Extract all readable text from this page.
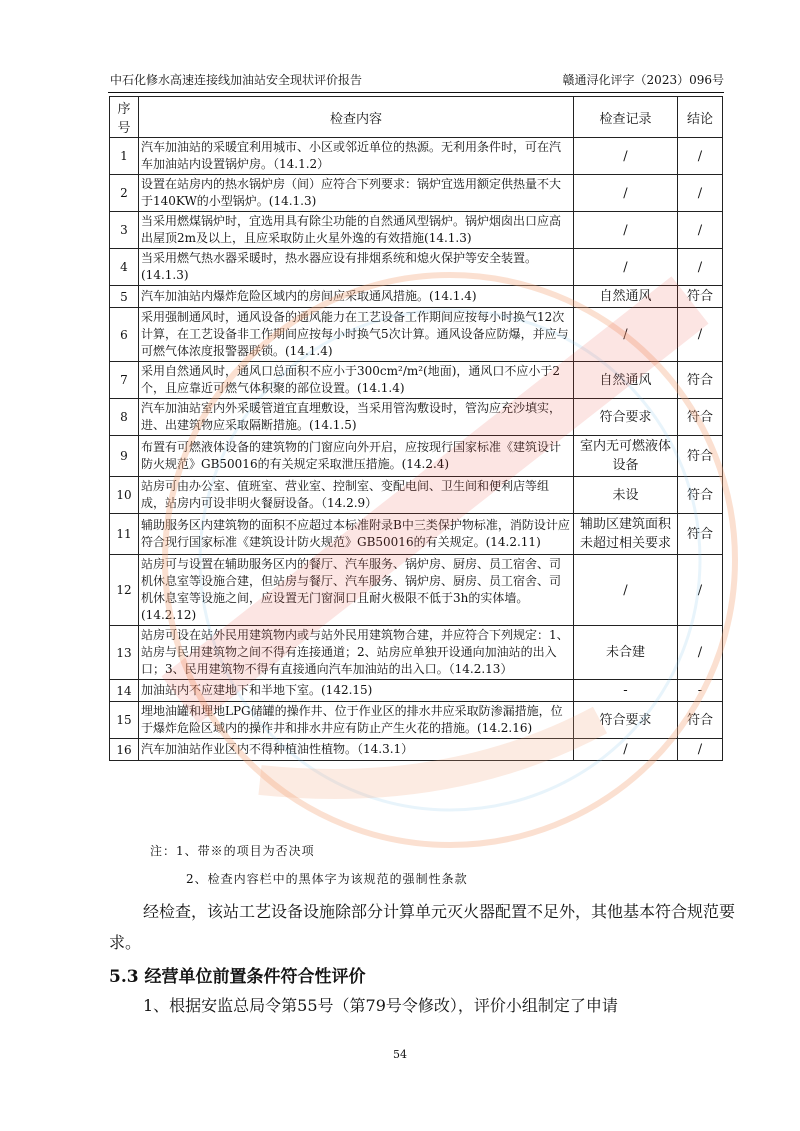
中石化修水高速连接线加油站安全现状评价报告	赣通浔化评字（2023）096号
序号	检查内容	检查记录	结论
1	汽车加油站的采暖宜利用城市、小区或邻近单位的热源。无利用条件时，可在汽车加油站内设置锅炉房。（14.1.2）	/	/
2	设置在站房内的热水锅炉房（间）应符合下列要求：锅炉宜选用额定供热量不大于140KW的小型锅炉。(14.1.3)	/	/
3	当采用燃煤锅炉时，宜选用具有除尘功能的自然通风型锅炉。锅炉烟囱出口应高出屋顶2m及以上，且应采取防止火星外逸的有效措施(14.1.3)	/	/
4	当采用燃气热水器采暖时，热水器应设有排烟系统和熄火保护等安全装置。(14.1.3)	/	/
5	汽车加油站内爆炸危险区域内的房间应采取通风措施。(14.1.4)	自然通风	符合
6	采用强制通风时，通风设备的通风能力在工艺设备工作期间应按每小时换气12次计算，在工艺设备非工作期间应按每小时换气5次计算。通风设备应防爆，并应与可燃气体浓度报警器联锁。(14.1.4)	/	/
7	采用自然通风时，通风口总面积不应小于300cm²/m²(地面)，通风口不应小于2个，且应靠近可燃气体积聚的部位设置。(14.1.4)	自然通风	符合
8	汽车加油站室内外采暖管道宜直埋敷设，当采用管沟敷设时，管沟应充沙填实，进、出建筑物应采取隔断措施。(14.1.5)	符合要求	符合
9	布置有可燃液体设备的建筑物的门窗应向外开启，应按现行国家标准《建筑设计防火规范》GB50016的有关规定采取泄压措施。(14.2.4)	室内无可燃液体设备	符合
10	站房可由办公室、值班室、营业室、控制室、变配电间、卫生间和便利店等组成，站房内可设非明火餐厨设备。（14.2.9）	未设	符合
11	辅助服务区内建筑物的面积不应超过本标准附录B中三类保护物标准，消防设计应符合现行国家标准《建筑设计防火规范》GB50016的有关规定。(14.2.11)	辅助区建筑面积未超过相关要求	符合
12	站房可与设置在辅助服务区内的餐厅、汽车服务、锅炉房、厨房、员工宿舍、司机休息室等设施合建，但站房与餐厅、汽车服务、锅炉房、厨房、员工宿舍、司机休息室等设施之间，应设置无门窗洞口且耐火极限不低于3h的实体墙。(14.2.12)	/	/
13	站房可设在站外民用建筑物内或与站外民用建筑物合建，并应符合下列规定：1、站房与民用建筑物之间不得有连接通道；2、站房应单独开设通向加油站的出入口；3、民用建筑物不得有直接通向汽车加油站的出入口。（14.2.13）	未合建	/
14	加油站内不应建地下和半地下室。(142.15)	-	-
15	埋地油罐和埋地LPG储罐的操作井、位于作业区的排水井应采取防渗漏措施，位于爆炸危险区域内的操作井和排水井应有防止产生火花的措施。(14.2.16)	符合要求	符合
16	汽车加油站作业区内不得种植油性植物。（14.3.1）	/	/
注：1、带※的项目为否决项
2、检查内容栏中的黑体字为该规范的强制性条款
经检查，该站工艺设备设施除部分计算单元灭火器配置不足外，其他基本符合规范要求。
5.3 经营单位前置条件符合性评价
1、根据安监总局令第55号（第79号令修改），评价小组制定了申请
54
